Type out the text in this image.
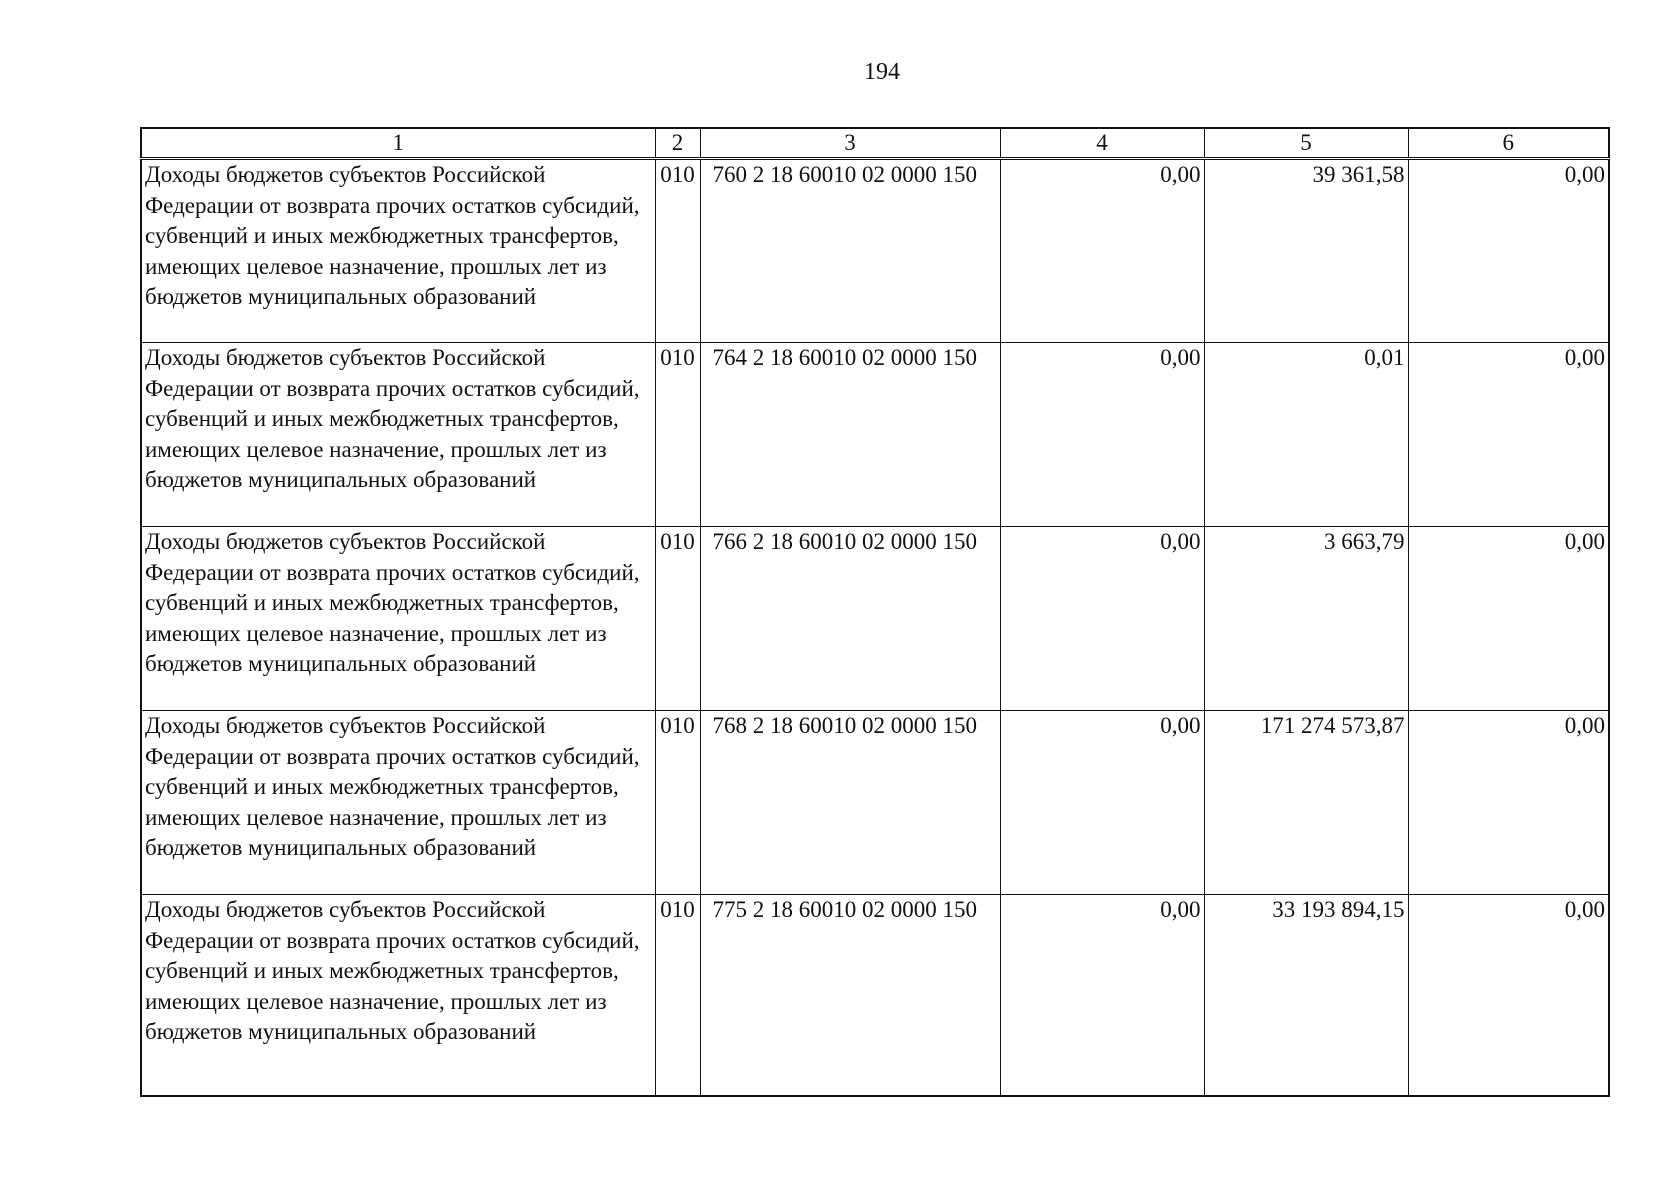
194
1	2	3	4	5	6
Доходы бюджетов субъектов Российской Федерации от возврата прочих остатков субсидий, субвенций и иных межбюджетных трансфертов, имеющих целевое назначение, прошлых лет из бюджетов муниципальных образований	010	760 2 18 60010 02 0000 150	0,00	39 361,58	0,00
Доходы бюджетов субъектов Российской Федерации от возврата прочих остатков субсидий, субвенций и иных межбюджетных трансфертов, имеющих целевое назначение, прошлых лет из бюджетов муниципальных образований	010	764 2 18 60010 02 0000 150	0,00	0,01	0,00
Доходы бюджетов субъектов Российской Федерации от возврата прочих остатков субсидий, субвенций и иных межбюджетных трансфертов, имеющих целевое назначение, прошлых лет из бюджетов муниципальных образований	010	766 2 18 60010 02 0000 150	0,00	3 663,79	0,00
Доходы бюджетов субъектов Российской Федерации от возврата прочих остатков субсидий, субвенций и иных межбюджетных трансфертов, имеющих целевое назначение, прошлых лет из бюджетов муниципальных образований	010	768 2 18 60010 02 0000 150	0,00	171 274 573,87	0,00
Доходы бюджетов субъектов Российской Федерации от возврата прочих остатков субсидий, субвенций и иных межбюджетных трансфертов, имеющих целевое назначение, прошлых лет из бюджетов муниципальных образований	010	775 2 18 60010 02 0000 150	0,00	33 193 894,15	0,00
